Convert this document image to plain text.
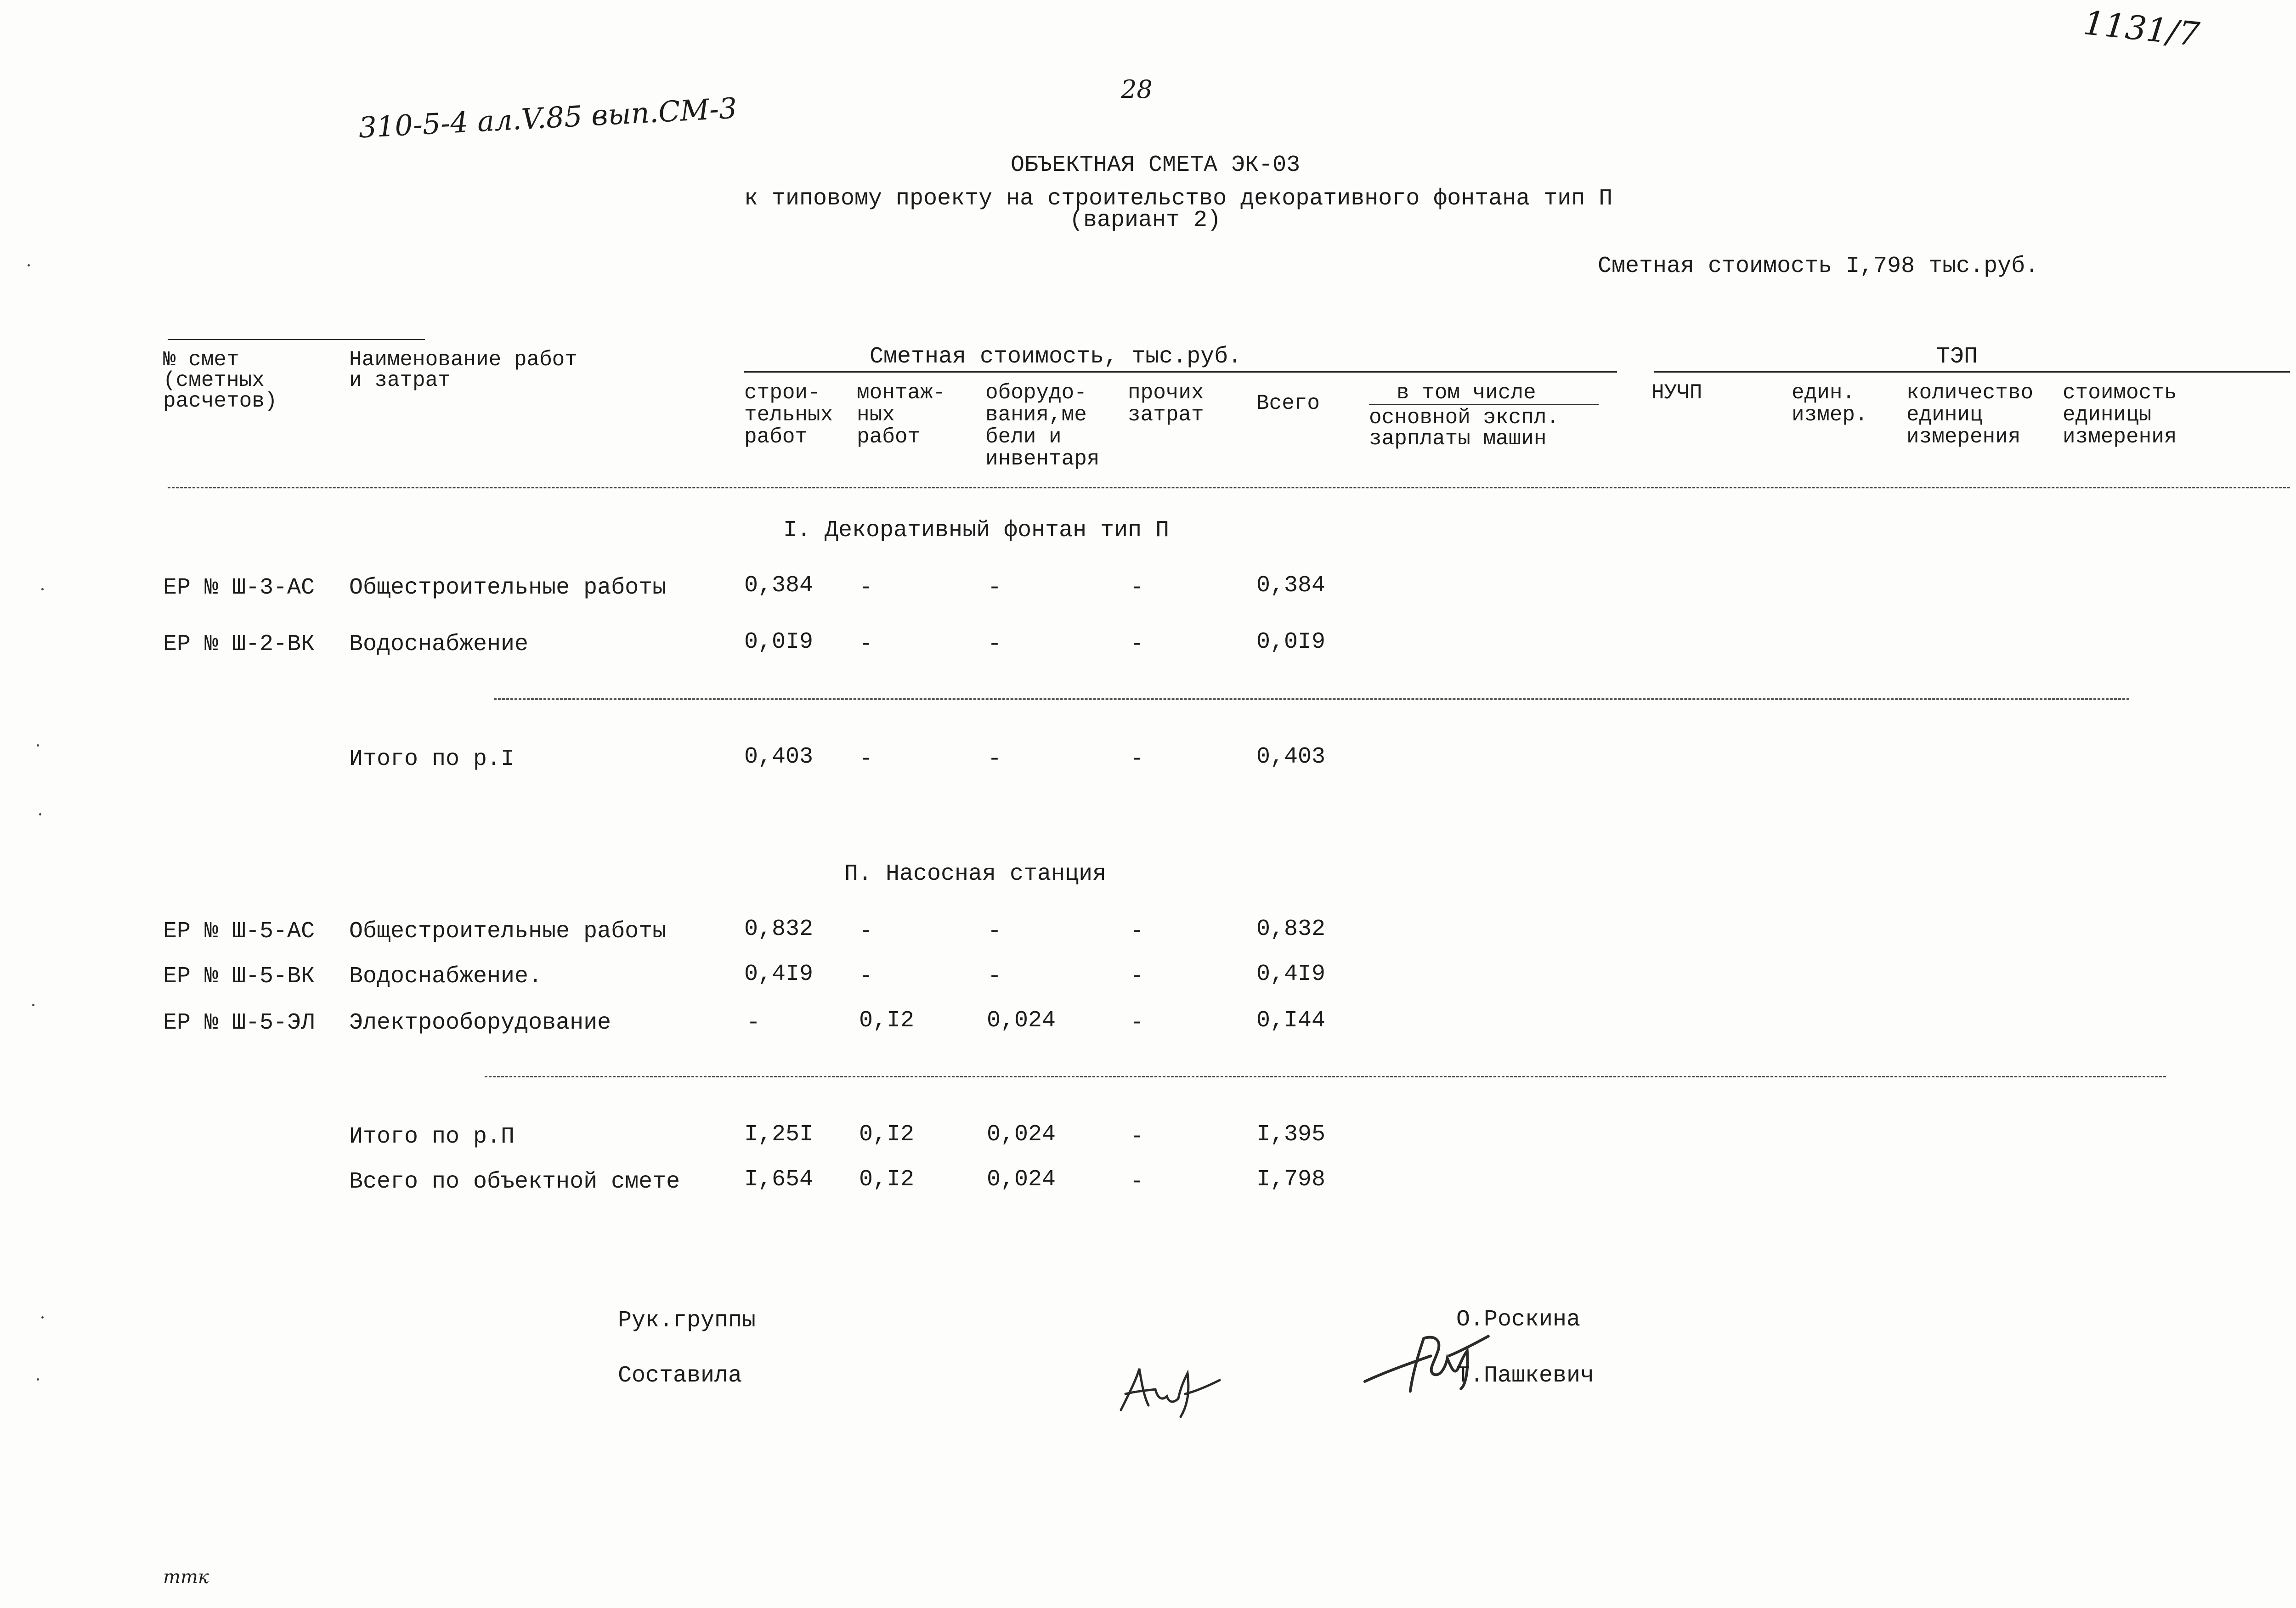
1131/7
28
310-5-4 ал.V.85 вып.СМ-3
ОБЪЕКТНАЯ СМЕТА ЭК-03
к типовому проекту на строительство декоративного фонтана тип П
(вариант 2)
Сметная стоимость I,798 тыс.руб.
№ смет
(сметных
расчетов)
Наименование работ
и затрат
Сметная стоимость, тыс.руб.	ТЭП
строи-
тельных
работ
монтаж-
ных
работ
оборудо-
вания,ме
бели и
инвентаря
прочих
затрат Всего	в том числе
основной экспл.
зарплаты машин
НУЧП	един.
измер.
количество
единиц
измерения
стоимость
единицы
измерения
I. Декоративный фонтан тип П
ЕР № Ш-3-АС Общестроительные работы	0,384 -	-	-	0,384
ЕР № Ш-2-ВК Водоснабжение	0,0I9 -	-	-	0,0I9
Итого по р.I	0,403 -	-	-	0,403
П. Насосная станция
ЕР № Ш-5-АС Общестроительные работы	0,832 -	-	-	0,832
ЕР № Ш-5-ВК Водоснабжение.	0,4I9 -	-	-	0,4I9
ЕР № Ш-5-ЭЛ Электрооборудование	-	0,I2	0,024	-	0,I44
Итого по р.П	I,25I 0,I2	0,024	-	I,395
Всего по объектной смете	I,654 0,I2	0,024	-	I,798
Рук.группы

	О.Роскина
Составила

	Т.Пашкевич
ттк
